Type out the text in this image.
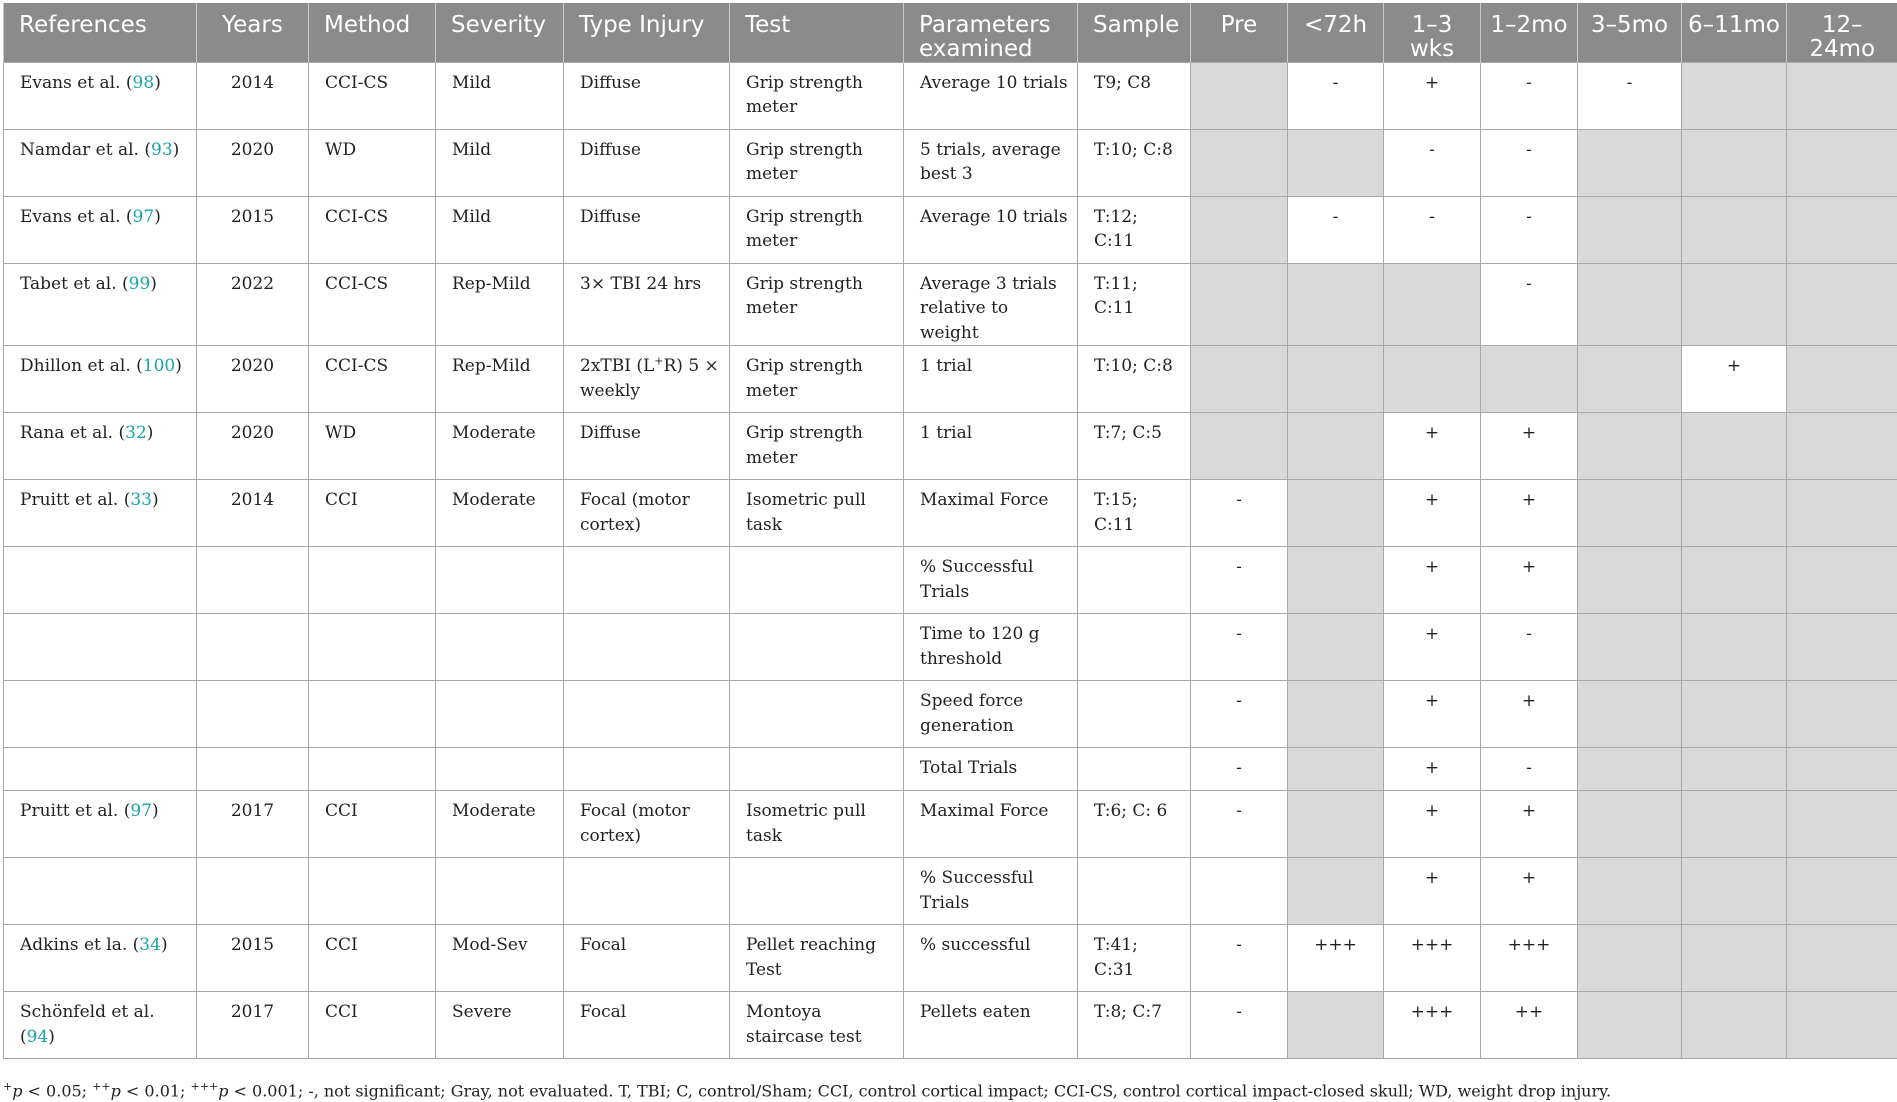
References	Years	Method	Severity	Type Injury	Test	Parameters examined	Sample	Pre	<72h	1–3 wks	1–2mo	3–5mo	6–11mo	12–24mo
Evans et al. (98)	2014	CCI-CS	Mild	Diffuse	Grip strength meter	Average 10 trials	T9; C8		-	+	-	-		
Namdar et al. (93)	2020	WD	Mild	Diffuse	Grip strength meter	5 trials, average best 3	T:10; C:8			-	-			
Evans et al. (97)	2015	CCI-CS	Mild	Diffuse	Grip strength meter	Average 10 trials	T:12; C:11		-	-	-			
Tabet et al. (99)	2022	CCI-CS	Rep-Mild	3× TBI 24 hrs	Grip strength meter	Average 3 trials relative to weight	T:11; C:11				-			
Dhillon et al. (100)	2020	CCI-CS	Rep-Mild	2xTBI (L+R) 5 × weekly	Grip strength meter	1 trial	T:10; C:8						+	
Rana et al. (32)	2020	WD	Moderate	Diffuse	Grip strength meter	1 trial	T:7; C:5			+	+			
Pruitt et al. (33)	2014	CCI	Moderate	Focal (motor cortex)	Isometric pull task	Maximal Force	T:15; C:11	-		+	+			
						% Successful Trials		-		+	+			
						Time to 120 g threshold		-		+	-			
						Speed force generation		-		+	+			
						Total Trials		-		+	-			
Pruitt et al. (97)	2017	CCI	Moderate	Focal (motor cortex)	Isometric pull task	Maximal Force	T:6; C: 6	-		+	+			
						% Successful Trials				+	+			
Adkins et la. (34)	2015	CCI	Mod-Sev	Focal	Pellet reaching Test	% successful	T:41; C:31	-	+++	+++	+++			
Schönfeld et al. (94)	2017	CCI	Severe	Focal	Montoya staircase test	Pellets eaten	T:8; C:7	-		+++	++			
+p < 0.05; ++p < 0.01; +++p < 0.001; -, not significant; Gray, not evaluated. T, TBI; C, control/Sham; CCI, control cortical impact; CCI-CS, control cortical impact-closed skull; WD, weight drop injury.
